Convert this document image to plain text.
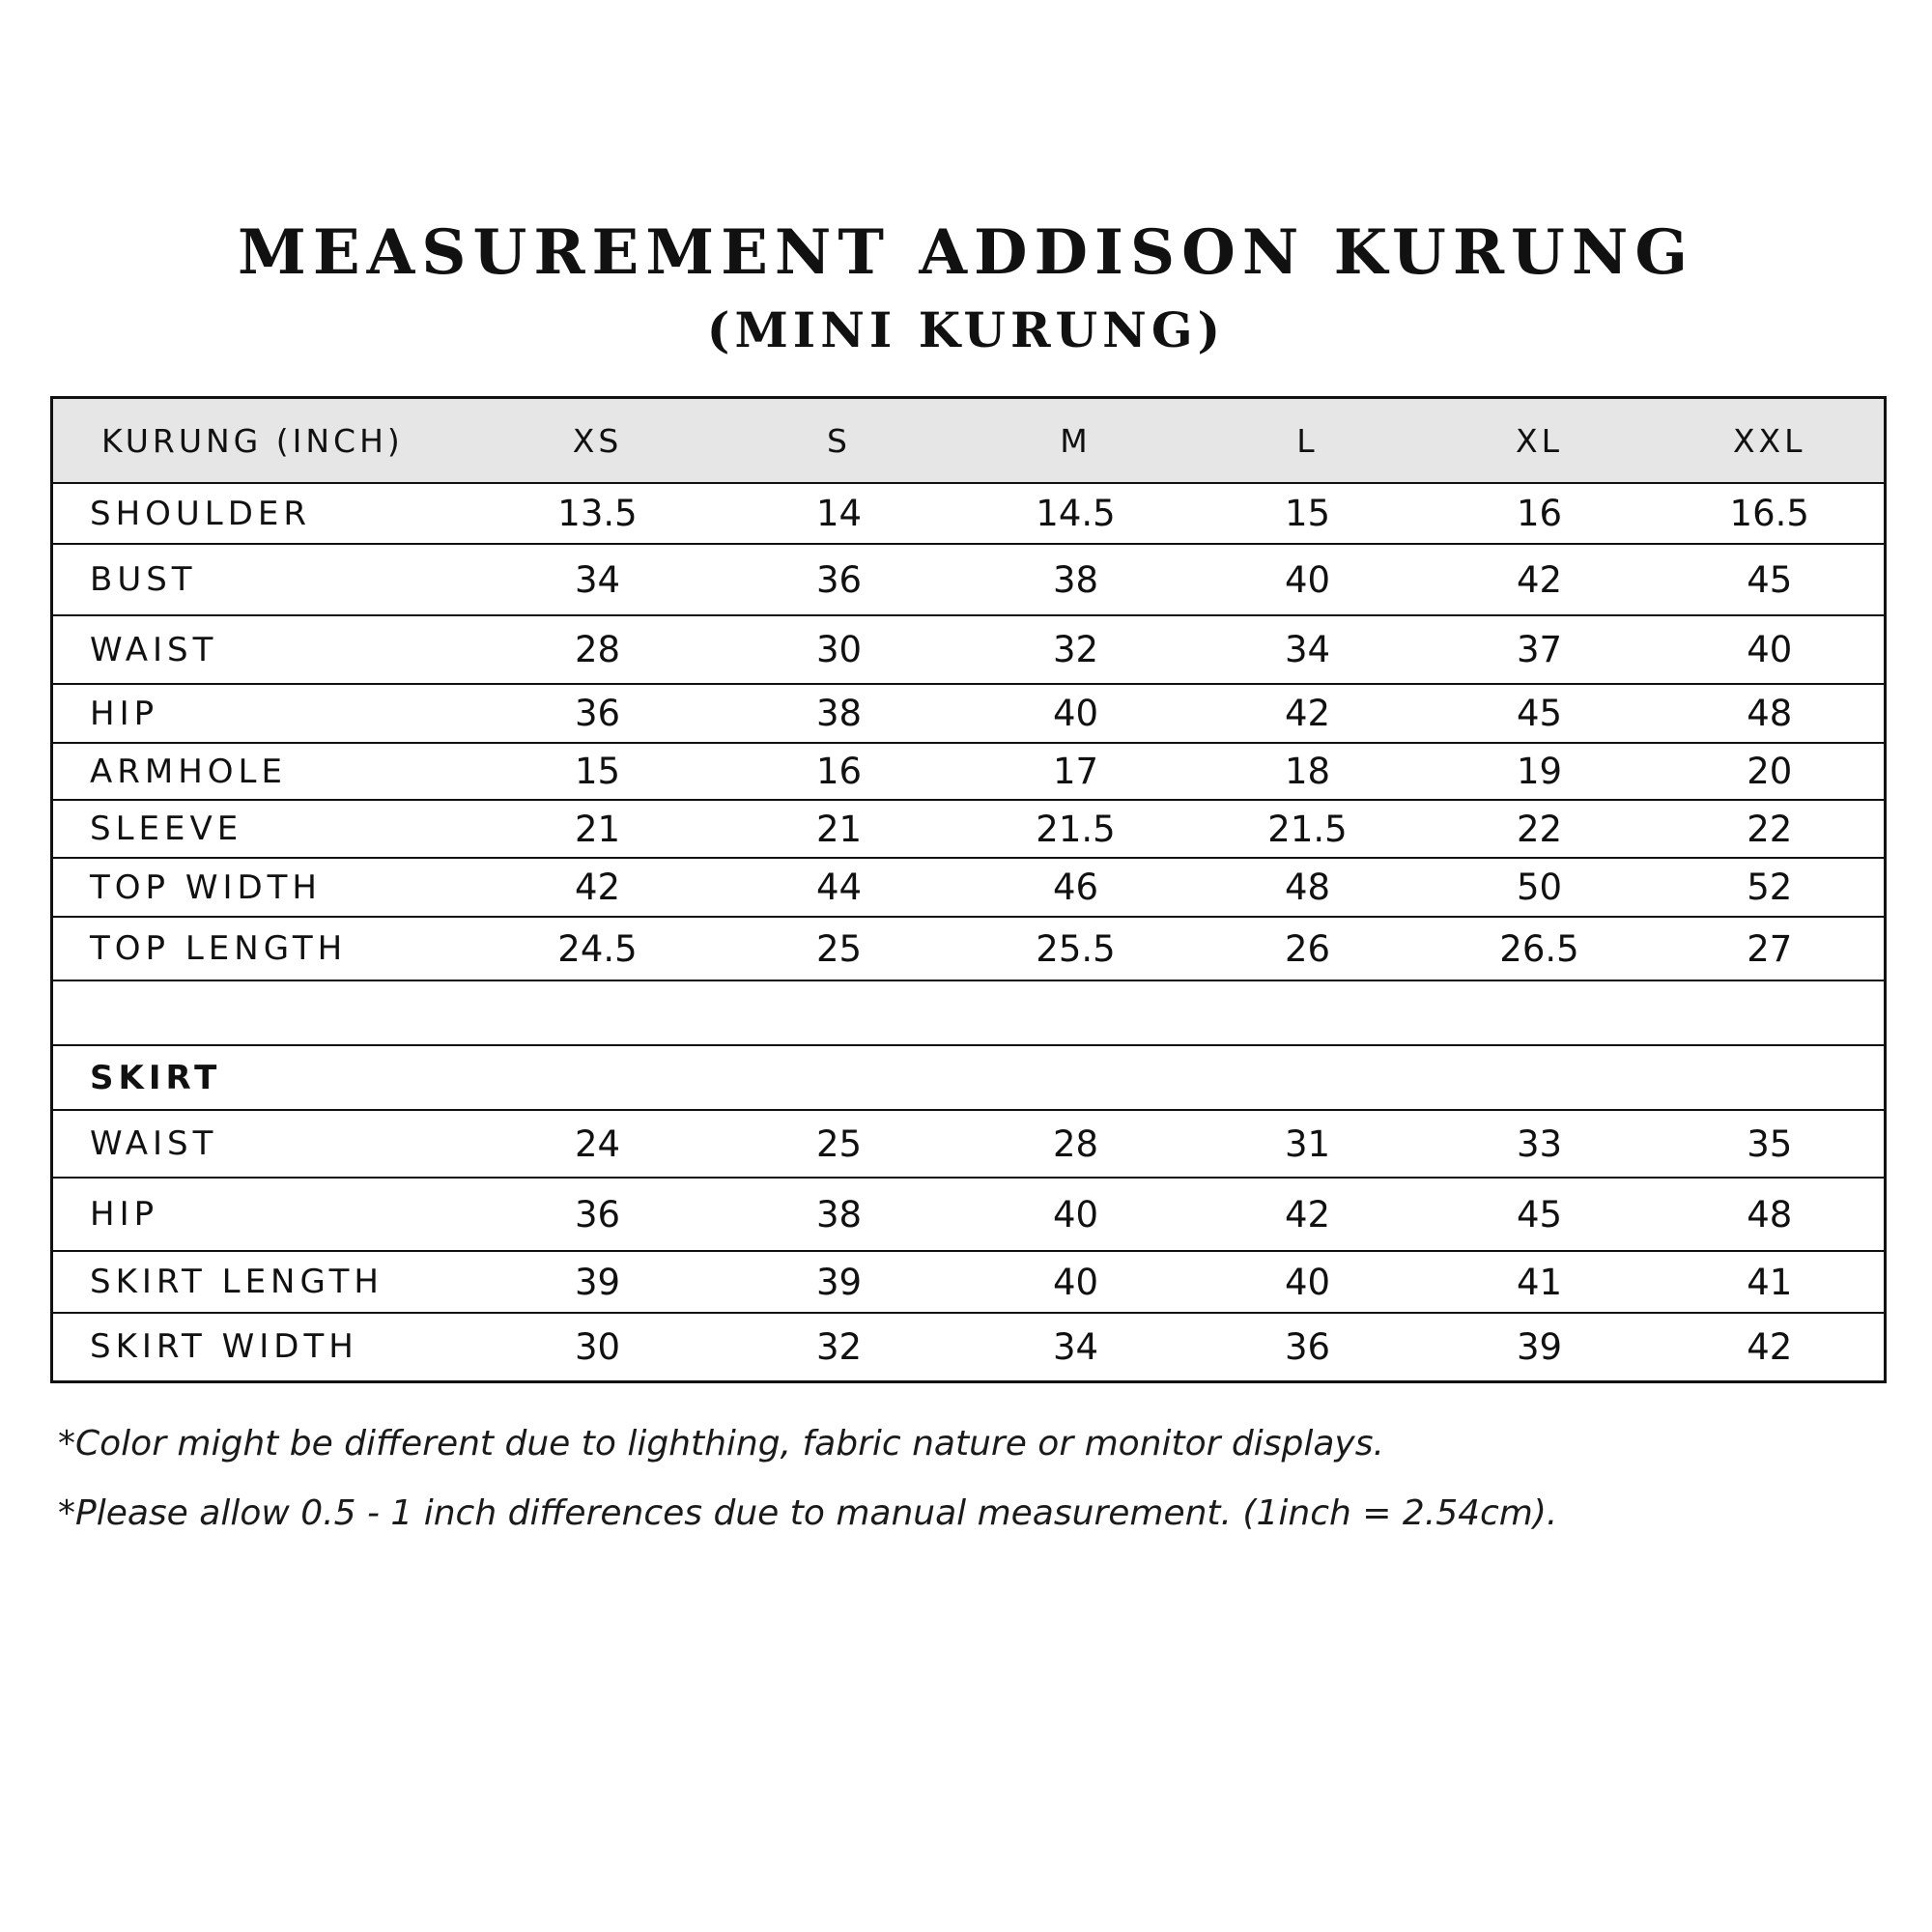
MEASUREMENT ADDISON KURUNG
(MINI KURUNG)
KURUNG (INCH)	XS	S	M	L	XL	XXL
SHOULDER	13.5	14	14.5	15	16	16.5
BUST	34	36	38	40	42	45
WAIST	28	30	32	34	37	40
HIP	36	38	40	42	45	48
ARMHOLE	15	16	17	18	19	20
SLEEVE	21	21	21.5	21.5	22	22
TOP WIDTH	42	44	46	48	50	52
TOP LENGTH	24.5	25	25.5	26	26.5	27

SKIRT						
WAIST	24	25	28	31	33	35
HIP	36	38	40	42	45	48
SKIRT LENGTH	39	39	40	40	41	41
SKIRT WIDTH	30	32	34	36	39	42

*Color might be different due to lighthing, fabric nature or monitor displays.

*Please allow 0.5 - 1 inch differences due to manual measurement. (1inch = 2.54cm).
